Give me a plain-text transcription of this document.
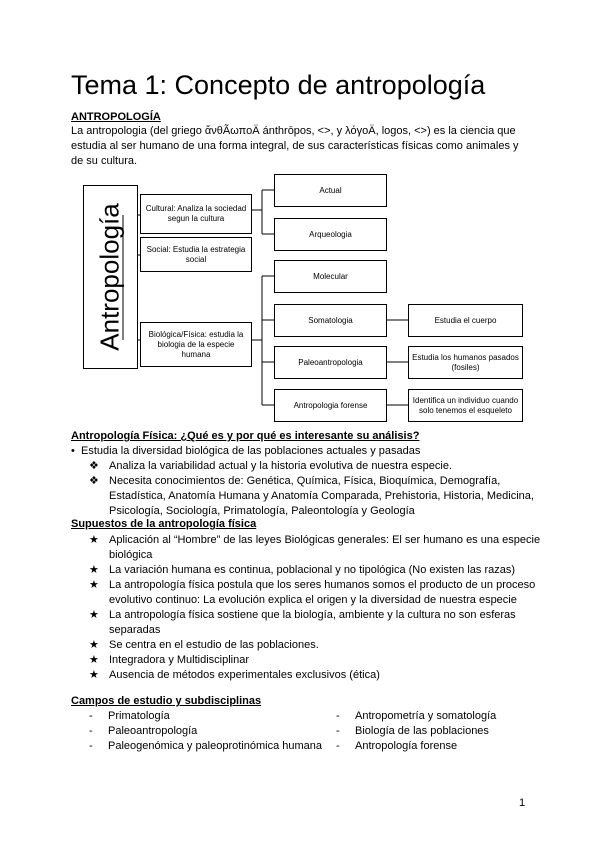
Tema 1: Concepto de antropología
ANTROPOLOGÍA

La antropologia (del griego ἄνθÃωποÄ ánthrōpos, <>, y λόγοÄ, logos, <>) es la ciencia que estudia al ser humano de una forma integral, de sus características físicas como animales y de su cultura.

Antropología	Cultural: Analiza la sociedad segun la cultura
Social: Estudia la estrategia social
Biológica/Física: estudia la biologia de la especie humana
Actual
Arqueologia
Molecular
Somatologia
Paleoantropologia
Antropologia forense
Estudia el cuerpo
Estudia los humanos pasados (fosiles)
Identifica un individuo cuando solo tenemos el esqueleto
Antropología Física: ¿Qué es y por qué es interesante su análisis?
• Estudia la diversidad biológica de las poblaciones actuales y pasadas
❖ Analiza la variabilidad actual y la historia evolutiva de nuestra especie.
❖ Necesita conocimientos de: Genética, Química, Física, Bioquímica, Demografía, Estadística, Anatomía Humana y Anatomía Comparada, Prehistoria, Historia, Medicina, Psicología, Sociología, Primatología, Paleontología y Geología
Supuestos de la antropología física
★ Aplicación al “Hombre” de las leyes Biológicas generales: El ser humano es una especie biológica
★ La variación humana es continua, poblacional y no tipológica (No existen las razas)
★ La antropología física postula que los seres humanos somos el producto de un proceso evolutivo continuo: La evolución explica el origen y la diversidad de nuestra especie
★ La antropología física sostiene que la biología, ambiente y la cultura no son esferas separadas
★ Se centra en el estudio de las poblaciones.
★ Integradora y Multidisciplinar
★ Ausencia de métodos experimentales exclusivos (ética)
Campos de estudio y subdisciplinas
- Primatología	- Antropometría y somatología
- Paleoantropología	- Biología de las poblaciones
- Paleogenómica y paleoprotinómica humana	- Antropología forense
1
